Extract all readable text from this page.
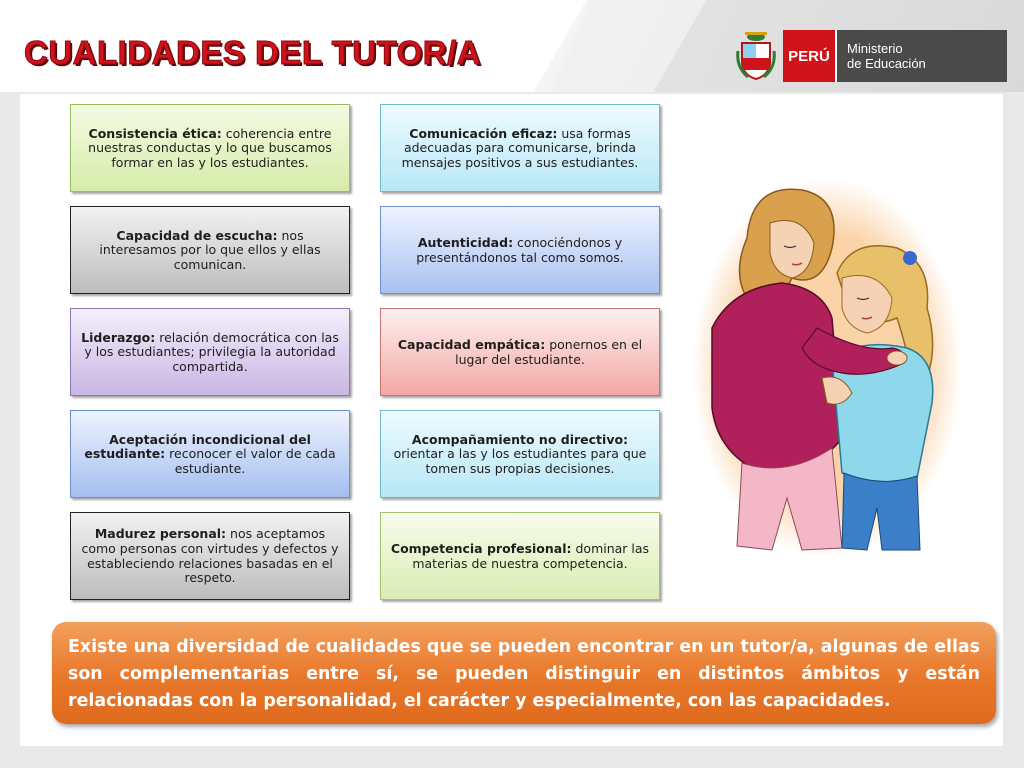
CUALIDADES DEL TUTOR/A	PERÚ	Ministerio
de Educación
Consistencia ética: coherencia entre nuestras conductas y lo que buscamos formar en las y los estudiantes.
Capacidad de escucha: nos interesamos por lo que ellos y ellas comunican.
Liderazgo: relación democrática con las y los estudiantes; privilegia la autoridad compartida.
Aceptación incondicional del estudiante: reconocer el valor de cada estudiante.
Madurez personal: nos aceptamos como personas con virtudes y defectos y estableciendo relaciones basadas en el respeto.
Comunicación eficaz: usa formas adecuadas para comunicarse, brinda mensajes positivos a sus estudiantes.
Autenticidad: conociéndonos y presentándonos tal como somos.
Capacidad empática: ponernos en el lugar del estudiante.
Acompañamiento no directivo: orientar a las y los estudiantes para que tomen sus propias decisiones.
Competencia profesional: dominar las materias de nuestra competencia.
Existe una diversidad de cualidades que se pueden encontrar en un tutor/a, algunas de ellas son complementarias entre sí, se pueden distinguir en distintos ámbitos y están relacionadas con la personalidad, el carácter y especialmente, con las capacidades.
